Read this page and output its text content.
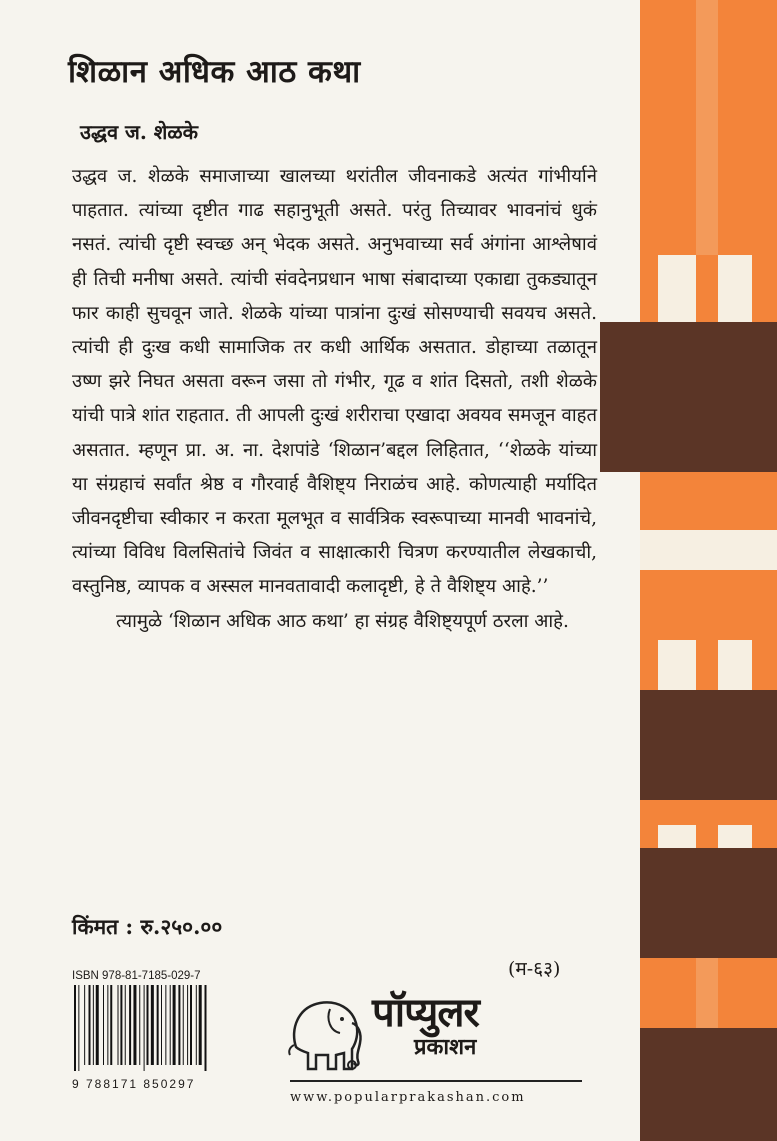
शिळान अधिक आठ कथा
उद्धव ज. शेळके

उद्धव ज. शेळके समाजाच्या खालच्या थरांतील जीवनाकडे अत्यंत गांभीर्याने पाहतात. त्यांच्या दृष्टीत गाढ सहानुभूती असते. परंतु तिच्यावर भावनांचं धुकं नसतं. त्यांची दृष्टी स्वच्छ अन् भेदक असते. अनुभवाच्या सर्व अंगांना आश्लेषावं ही तिची मनीषा असते. त्यांची संवदेनप्रधान भाषा संबादाच्या एकाद्या तुकड्यातून फार काही सुचवून जाते. शेळके यांच्या पात्रांना दुःखं सोसण्याची सवयच असते. त्यांची ही दुःख कधी सामाजिक तर कधी आर्थिक असतात. डोहाच्या तळातून उष्ण झरे निघत असता वरून जसा तो गंभीर, गूढ व शांत दिसतो, तशी शेळके यांची पात्रे शांत राहतात. ती आपली दुःखं शरीराचा एखादा अवयव समजून वाहत असतात. म्हणून प्रा. अ. ना. देशपांडे ‘शिळान’बद्दल लिहितात, ‘‘शेळके यांच्या या संग्रहाचं सर्वांत श्रेष्ठ व गौरवार्ह वैशिष्ट्य निराळंच आहे. कोणत्याही मर्यादित जीवनदृष्टीचा स्वीकार न करता मूलभूत व सार्वत्रिक स्वरूपाच्या मानवी भावनांचे, त्यांच्या विविध विलसितांचे जिवंत व साक्षात्कारी चित्रण करण्यातील लेखकाची, वस्तुनिष्ठ, व्यापक व अस्सल मानवतावादी कलादृष्टी, हे ते वैशिष्ट्य आहे.’’

त्यामुळे ‘शिळान अधिक आठ कथा’ हा संग्रह वैशिष्ट्यपूर्ण ठरला आहे.

किंमत : रु.२५०.००
(म-६३)
ISBN 978-81-7185-029-7
9 788171 850297
पॉप्युलर
प्रकाशन
www.popularprakashan.com
